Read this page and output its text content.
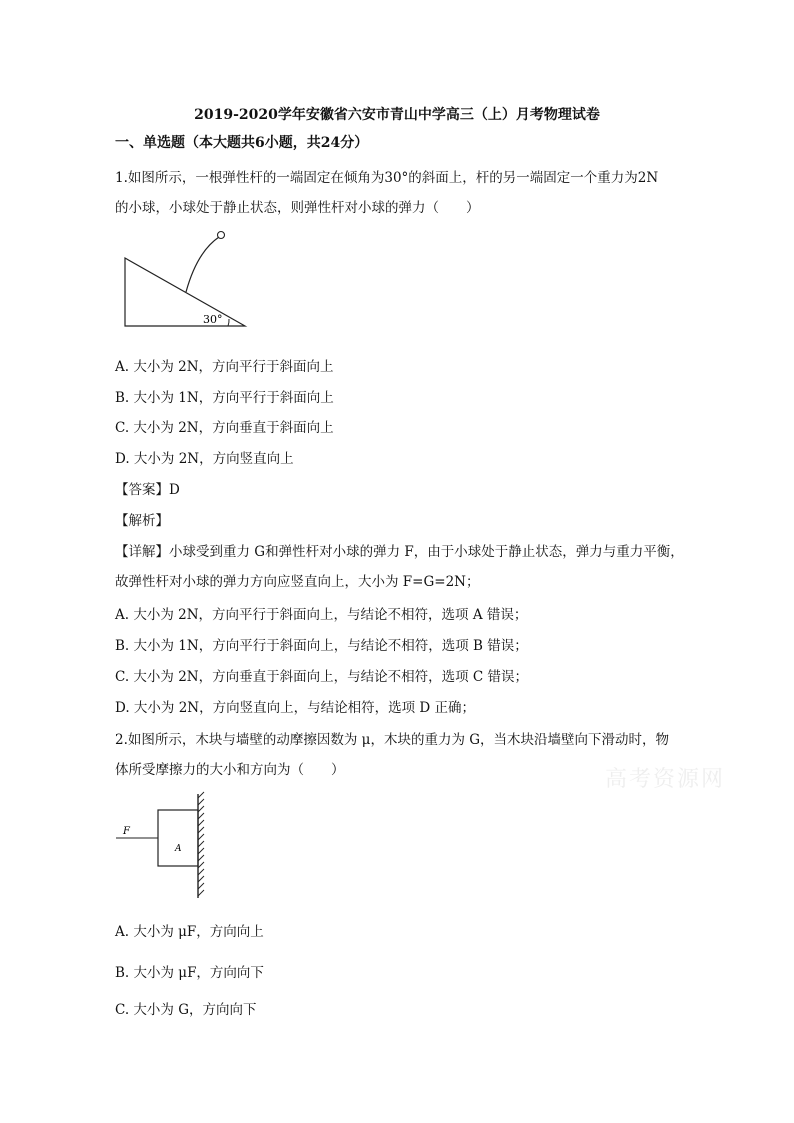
2019-2020学年安徽省六安市青山中学高三（上）月考物理试卷
一、单选题（本大题共6小题，共24分）
1.如图所示，一根弹性杆的一端固定在倾角为30°的斜面上，杆的另一端固定一个重力为2N
的小球，小球处于静止状态，则弹性杆对小球的弹力（　　）
30°
A. 大小为 2N，方向平行于斜面向上
B. 大小为 1N，方向平行于斜面向上
C. 大小为 2N，方向垂直于斜面向上
D. 大小为 2N，方向竖直向上
【答案】D
【解析】
【详解】小球受到重力 G和弹性杆对小球的弹力 F，由于小球处于静止状态，弹力与重力平衡，
故弹性杆对小球的弹力方向应竖直向上，大小为 F=G=2N；
A. 大小为 2N，方向平行于斜面向上，与结论不相符，选项 A 错误；
B. 大小为 1N，方向平行于斜面向上，与结论不相符，选项 B 错误；
C. 大小为 2N，方向垂直于斜面向上，与结论不相符，选项 C 错误；
D. 大小为 2N，方向竖直向上，与结论相符，选项 D 正确；
2.如图所示，木块与墙壁的动摩擦因数为 μ，木块的重力为 G，当木块沿墙壁向下滑动时，物
体所受摩擦力的大小和方向为（　　）
F
A
A. 大小为 μF，方向向上
B. 大小为 μF，方向向下
C. 大小为 G，方向向下
高考资源网
